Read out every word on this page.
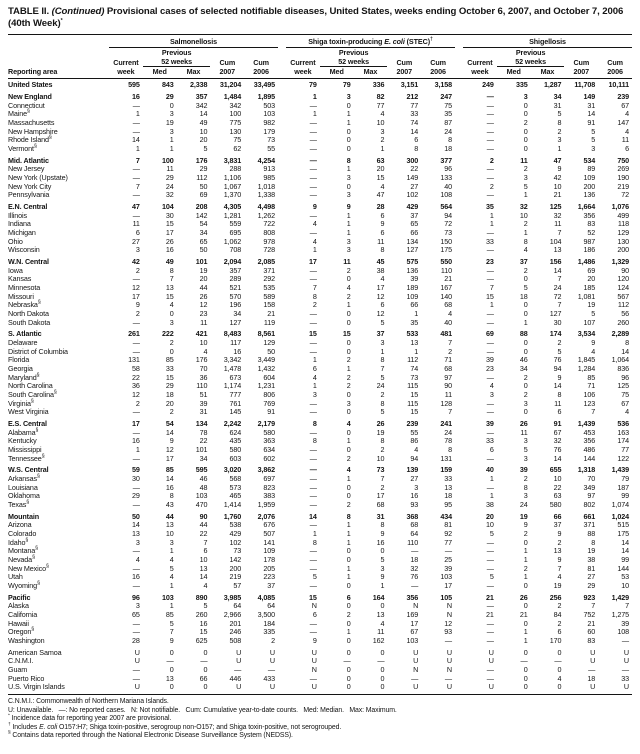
TABLE II. (Continued) Provisional cases of selected notifiable diseases, United States, weeks ending October 6, 2007, and October 7, 2006 (40th Week)*
Salmonellosis	Shiga toxin-producing E. coli (STEC)†	Shigellosis
Previous	Previous	Previous
Current	52 weeks	Cum	Cum	Current	52 weeks	Cum	Cum	Current	52 weeks	Cum	Cum
Reporting area	week	Med	Max	2007	2006	week	Med	Max	2007	2006	week	Med	Max	2007	2006
United States	595	843	2,338	31,204	33,495	79	79	336	3,151	3,158	249	335	1,287	11,708	10,111
New England	16	29	357	1,484	1,895	1	3	82	212	247	—	3	34	149	239
Connecticut	—	0	342	342	503	—	0	77	77	75	—	0	31	31	67
Maine§	1	3	14	100	103	1	1	4	33	35	—	0	5	14	4
Massachusetts	—	19	49	775	982	—	1	10	74	87	—	2	8	91	147
New Hampshire	—	3	10	130	179	—	0	3	14	24	—	0	2	5	4
Rhode Island§	14	1	20	75	73	—	0	2	6	8	—	0	3	5	11
Vermont§	1	1	5	62	55	—	0	1	8	18	—	0	1	3	6
Mid. Atlantic	7	100	176	3,831	4,254	—	8	63	300	377	2	11	47	534	750
New Jersey	—	11	29	288	913	—	1	20	22	96	—	2	9	89	269
New York (Upstate)	—	29	112	1,106	985	—	3	15	149	133	—	3	42	109	190
New York City	7	24	50	1,067	1,018	—	0	4	27	40	2	5	10	200	219
Pennsylvania	—	32	69	1,370	1,338	—	3	47	102	108	—	1	21	136	72
E.N. Central	47	104	208	4,305	4,498	9	9	28	429	564	35	32	125	1,664	1,076
Illinois	—	30	142	1,281	1,262	—	1	6	37	94	1	10	32	356	499
Indiana	11	15	54	559	722	4	1	9	65	72	1	2	11	83	118
Michigan	6	17	34	695	808	—	1	6	66	73	—	1	7	52	129
Ohio	27	26	65	1,062	978	4	3	11	134	150	33	8	104	987	130
Wisconsin	3	16	50	708	728	1	3	8	127	175	—	4	13	186	200
W.N. Central	42	49	101	2,094	2,085	17	11	45	575	550	23	37	156	1,486	1,329
Iowa	2	8	19	357	371	—	2	38	136	110	—	2	14	69	90
Kansas	—	7	20	289	292	—	0	4	39	21	—	0	7	20	120
Minnesota	12	13	44	521	535	7	4	17	189	167	7	5	24	185	124
Missouri	17	15	26	570	589	8	2	12	109	140	15	18	72	1,081	567
Nebraska§	9	4	12	196	158	2	1	6	66	68	1	0	7	19	112
North Dakota	2	0	23	34	21	—	0	12	1	4	—	0	127	5	56
South Dakota	—	3	11	127	119	—	0	5	35	40	—	1	30	107	260
S. Atlantic	261	222	421	8,483	8,561	15	15	37	533	481	69	88	174	3,534	2,289
Delaware	—	2	10	117	129	—	0	3	13	7	—	0	2	9	8
District of Columbia	—	0	4	16	50	—	0	1	1	2	—	0	5	4	14
Florida	131	85	176	3,342	3,449	1	2	8	112	71	39	46	76	1,845	1,064
Georgia	58	33	70	1,478	1,432	6	1	7	74	68	23	34	94	1,284	836
Maryland§	22	15	36	673	604	4	2	5	73	97	—	2	9	85	96
North Carolina	36	29	110	1,174	1,231	1	2	24	115	90	4	0	14	71	125
South Carolina§	12	18	51	777	806	3	0	2	15	11	3	2	8	106	75
Virginia§	2	20	39	761	769	—	3	8	115	128	—	3	11	123	67
West Virginia	—	2	31	145	91	—	0	5	15	7	—	0	6	7	4
E.S. Central	17	54	134	2,242	2,179	8	4	26	239	241	39	26	91	1,439	536
Alabama§	—	14	78	624	580	—	0	19	55	24	—	11	67	453	163
Kentucky	16	9	22	435	363	8	1	8	86	78	33	3	32	356	174
Mississippi	1	12	101	580	634	—	0	2	4	8	6	5	76	486	77
Tennessee§	—	17	34	603	602	—	2	10	94	131	—	3	14	144	122
W.S. Central	59	85	595	3,020	3,862	—	4	73	139	159	40	39	655	1,318	1,439
Arkansas§	30	14	46	568	697	—	1	7	27	33	1	2	10	70	79
Louisiana	—	16	48	573	823	—	0	2	3	13	—	8	22	349	187
Oklahoma	29	8	103	465	383	—	0	17	16	18	1	3	63	97	99
Texas§	—	43	470	1,414	1,959	—	2	68	93	95	38	24	580	802	1,074
Mountain	50	44	90	1,760	2,076	14	8	31	368	434	20	19	66	661	1,024
Arizona	14	13	44	538	676	—	1	8	68	81	10	9	37	371	515
Colorado	13	10	22	429	507	1	1	9	64	92	5	2	9	88	175
Idaho§	3	3	7	102	141	8	1	16	110	77	—	0	2	8	14
Montana§	—	1	6	73	109	—	0	0	—	—	—	1	13	19	14
Nevada§	4	4	10	142	178	—	0	5	18	25	—	1	9	38	99
New Mexico§	—	5	13	200	205	—	1	3	32	39	—	2	7	81	144
Utah	16	4	14	219	223	5	1	9	76	103	5	1	4	27	53
Wyoming§	—	1	4	57	37	—	0	1	—	17	—	0	19	29	10
Pacific	96	103	890	3,985	4,085	15	6	164	356	105	21	26	256	923	1,429
Alaska	3	1	5	64	64	N	0	0	N	N	—	0	2	7	7
California	65	85	260	2,966	3,500	6	2	13	169	N	21	21	84	752	1,275
Hawaii	—	5	16	201	184	—	0	4	17	12	—	0	2	21	39
Oregon§	—	7	15	246	335	—	1	11	67	93	—	1	6	60	108
Washington	28	9	625	508	2	9	0	162	103	—	—	1	170	83	—
American Samoa	U	0	0	U	U	U	0	0	U	U	U	0	0	U	U
C.N.M.I.	U	—	—	U	U	U	—	—	U	U	U	—	—	U	U
Guam	—	0	0	—	—	N	0	0	N	N	—	0	0	—	—
Puerto Rico	—	13	66	446	433	—	0	0	—	—	—	0	4	18	33
U.S. Virgin Islands	U	0	0	U	U	U	0	0	U	U	U	0	0	U	U
C.N.M.I.: Commonwealth of Northern Mariana Islands.
U: Unavailable.   —: No reported cases.   N: Not notifiable.   Cum: Cumulative year-to-date counts.   Med: Median.   Max: Maximum.
* Incidence data for reporting year 2007 are provisional.
† Includes E. coli O157:H7; Shiga toxin-positive, serogroup non-O157; and Shiga toxin-positive, not serogrouped.
§ Contains data reported through the National Electronic Disease Surveillance System (NEDSS).
